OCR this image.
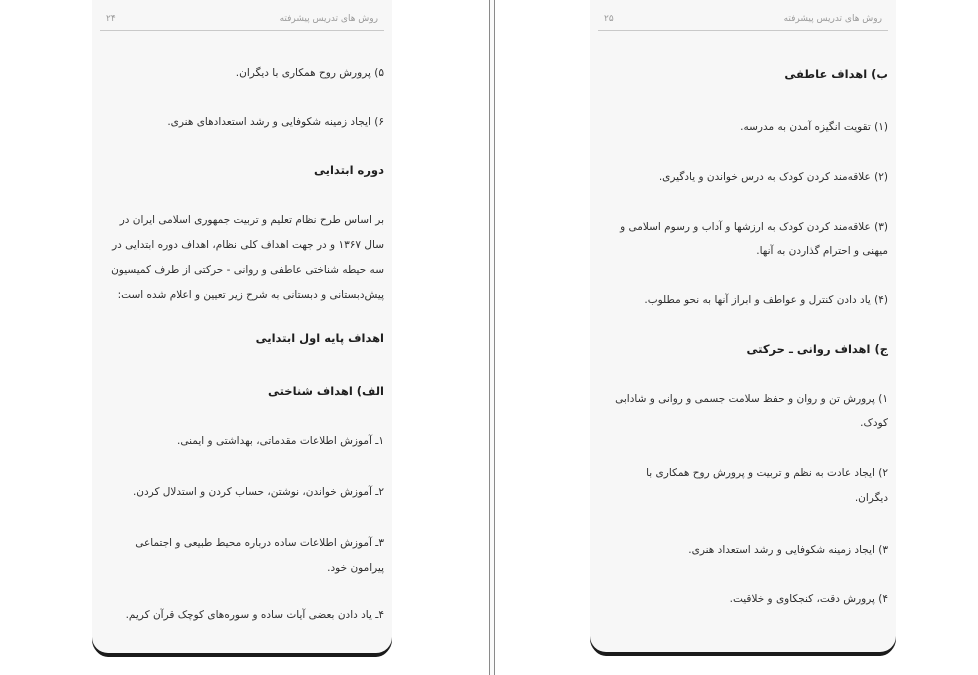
روش های تدریس پیشرفته
۲۴
۵) پرورش روح همکاری با دیگران.
۶) ایجاد زمینه شکوفایی و رشد استعدادهای هنری.
دوره ابتدایی
بر اساس طرح نظام تعلیم و تربیت جمهوری اسلامی ایران در
سال ۱۳۶۷ و در جهت اهداف کلی نظام، اهداف دوره ابتدایی در
سه حیطه شناختی عاطفی و روانی - حرکتی از طرف کمیسیون
پیش‌دبستانی و دبستانی به شرح زیر تعیین و اعلام شده است:
اهداف پایه اول ابتدایی
الف) اهداف شناختی
۱ـ آموزش اطلاعات مقدماتی، بهداشتی و ایمنی.
۲ـ آموزش خواندن، نوشتن، حساب کردن و استدلال کردن.
۳ـ آموزش اطلاعات ساده درباره محیط طبیعی و اجتماعی
پیرامون خود.
۴ـ یاد دادن بعضی آیات ساده و سوره‌های کوچک قرآن کریم.
روش های تدریس پیشرفته
۲۵
ب) اهداف عاطفی
(۱) تقویت انگیزه آمدن به مدرسه.
(۲) علاقه‌مند کردن کودک به درس خواندن و یادگیری.
(۳) علاقه‌مند کردن کودک به ارزشها و آداب و رسوم اسلامی و
میهنی و احترام گذاردن به آنها.
(۴) یاد دادن کنترل و عواطف و ابراز آنها به نحو مطلوب.
ج) اهداف روانی ـ حرکتی
۱) پرورش تن و روان و حفظ سلامت جسمی و روانی و شادابی
کودک.
۲) ایجاد عادت به نظم و تربیت و پرورش روح همکاری با
دیگران.
۳) ایجاد زمینه شکوفایی و رشد استعداد هنری.
۴) پرورش دقت، کنجکاوی و خلاقیت.
